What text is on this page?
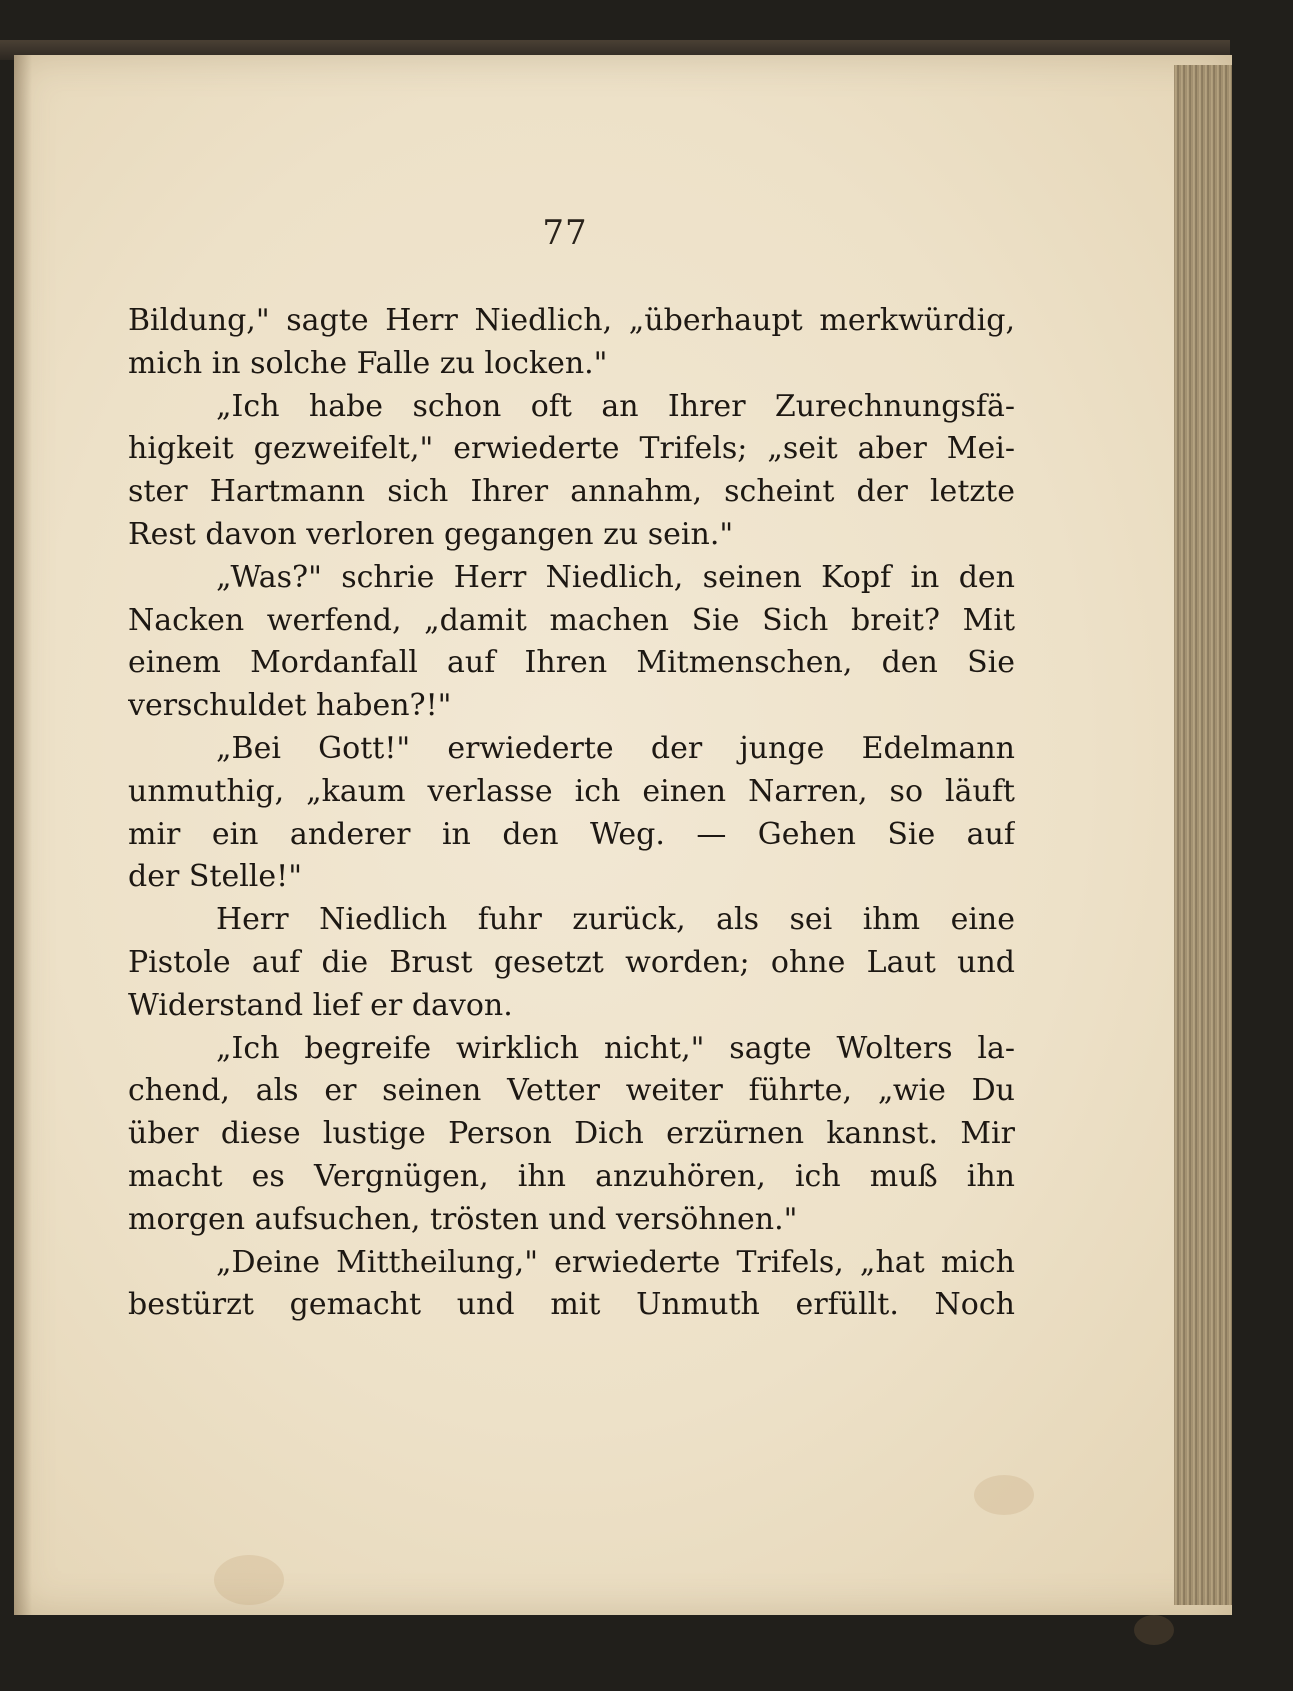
77
Bildung," sagte Herr Niedlich, „überhaupt merkwürdig,
mich in solche Falle zu locken."
„Ich habe schon oft an Ihrer Zurechnungsfä-
higkeit gezweifelt," erwiederte Trifels; „seit aber Mei-
ster Hartmann sich Ihrer annahm, scheint der letzte
Rest davon verloren gegangen zu sein."
„Was?" schrie Herr Niedlich, seinen Kopf in den
Nacken werfend, „damit machen Sie Sich breit? Mit
einem Mordanfall auf Ihren Mitmenschen, den Sie
verschuldet haben?!"
„Bei Gott!" erwiederte der junge Edelmann
unmuthig, „kaum verlasse ich einen Narren, so läuft
mir ein anderer in den Weg. — Gehen Sie auf
der Stelle!"
Herr Niedlich fuhr zurück, als sei ihm eine
Pistole auf die Brust gesetzt worden; ohne Laut und
Widerstand lief er davon.
„Ich begreife wirklich nicht," sagte Wolters la-
chend, als er seinen Vetter weiter führte, „wie Du
über diese lustige Person Dich erzürnen kannst. Mir
macht es Vergnügen, ihn anzuhören, ich muß ihn
morgen aufsuchen, trösten und versöhnen."
„Deine Mittheilung," erwiederte Trifels, „hat mich
bestürzt gemacht und mit Unmuth erfüllt. Noch
